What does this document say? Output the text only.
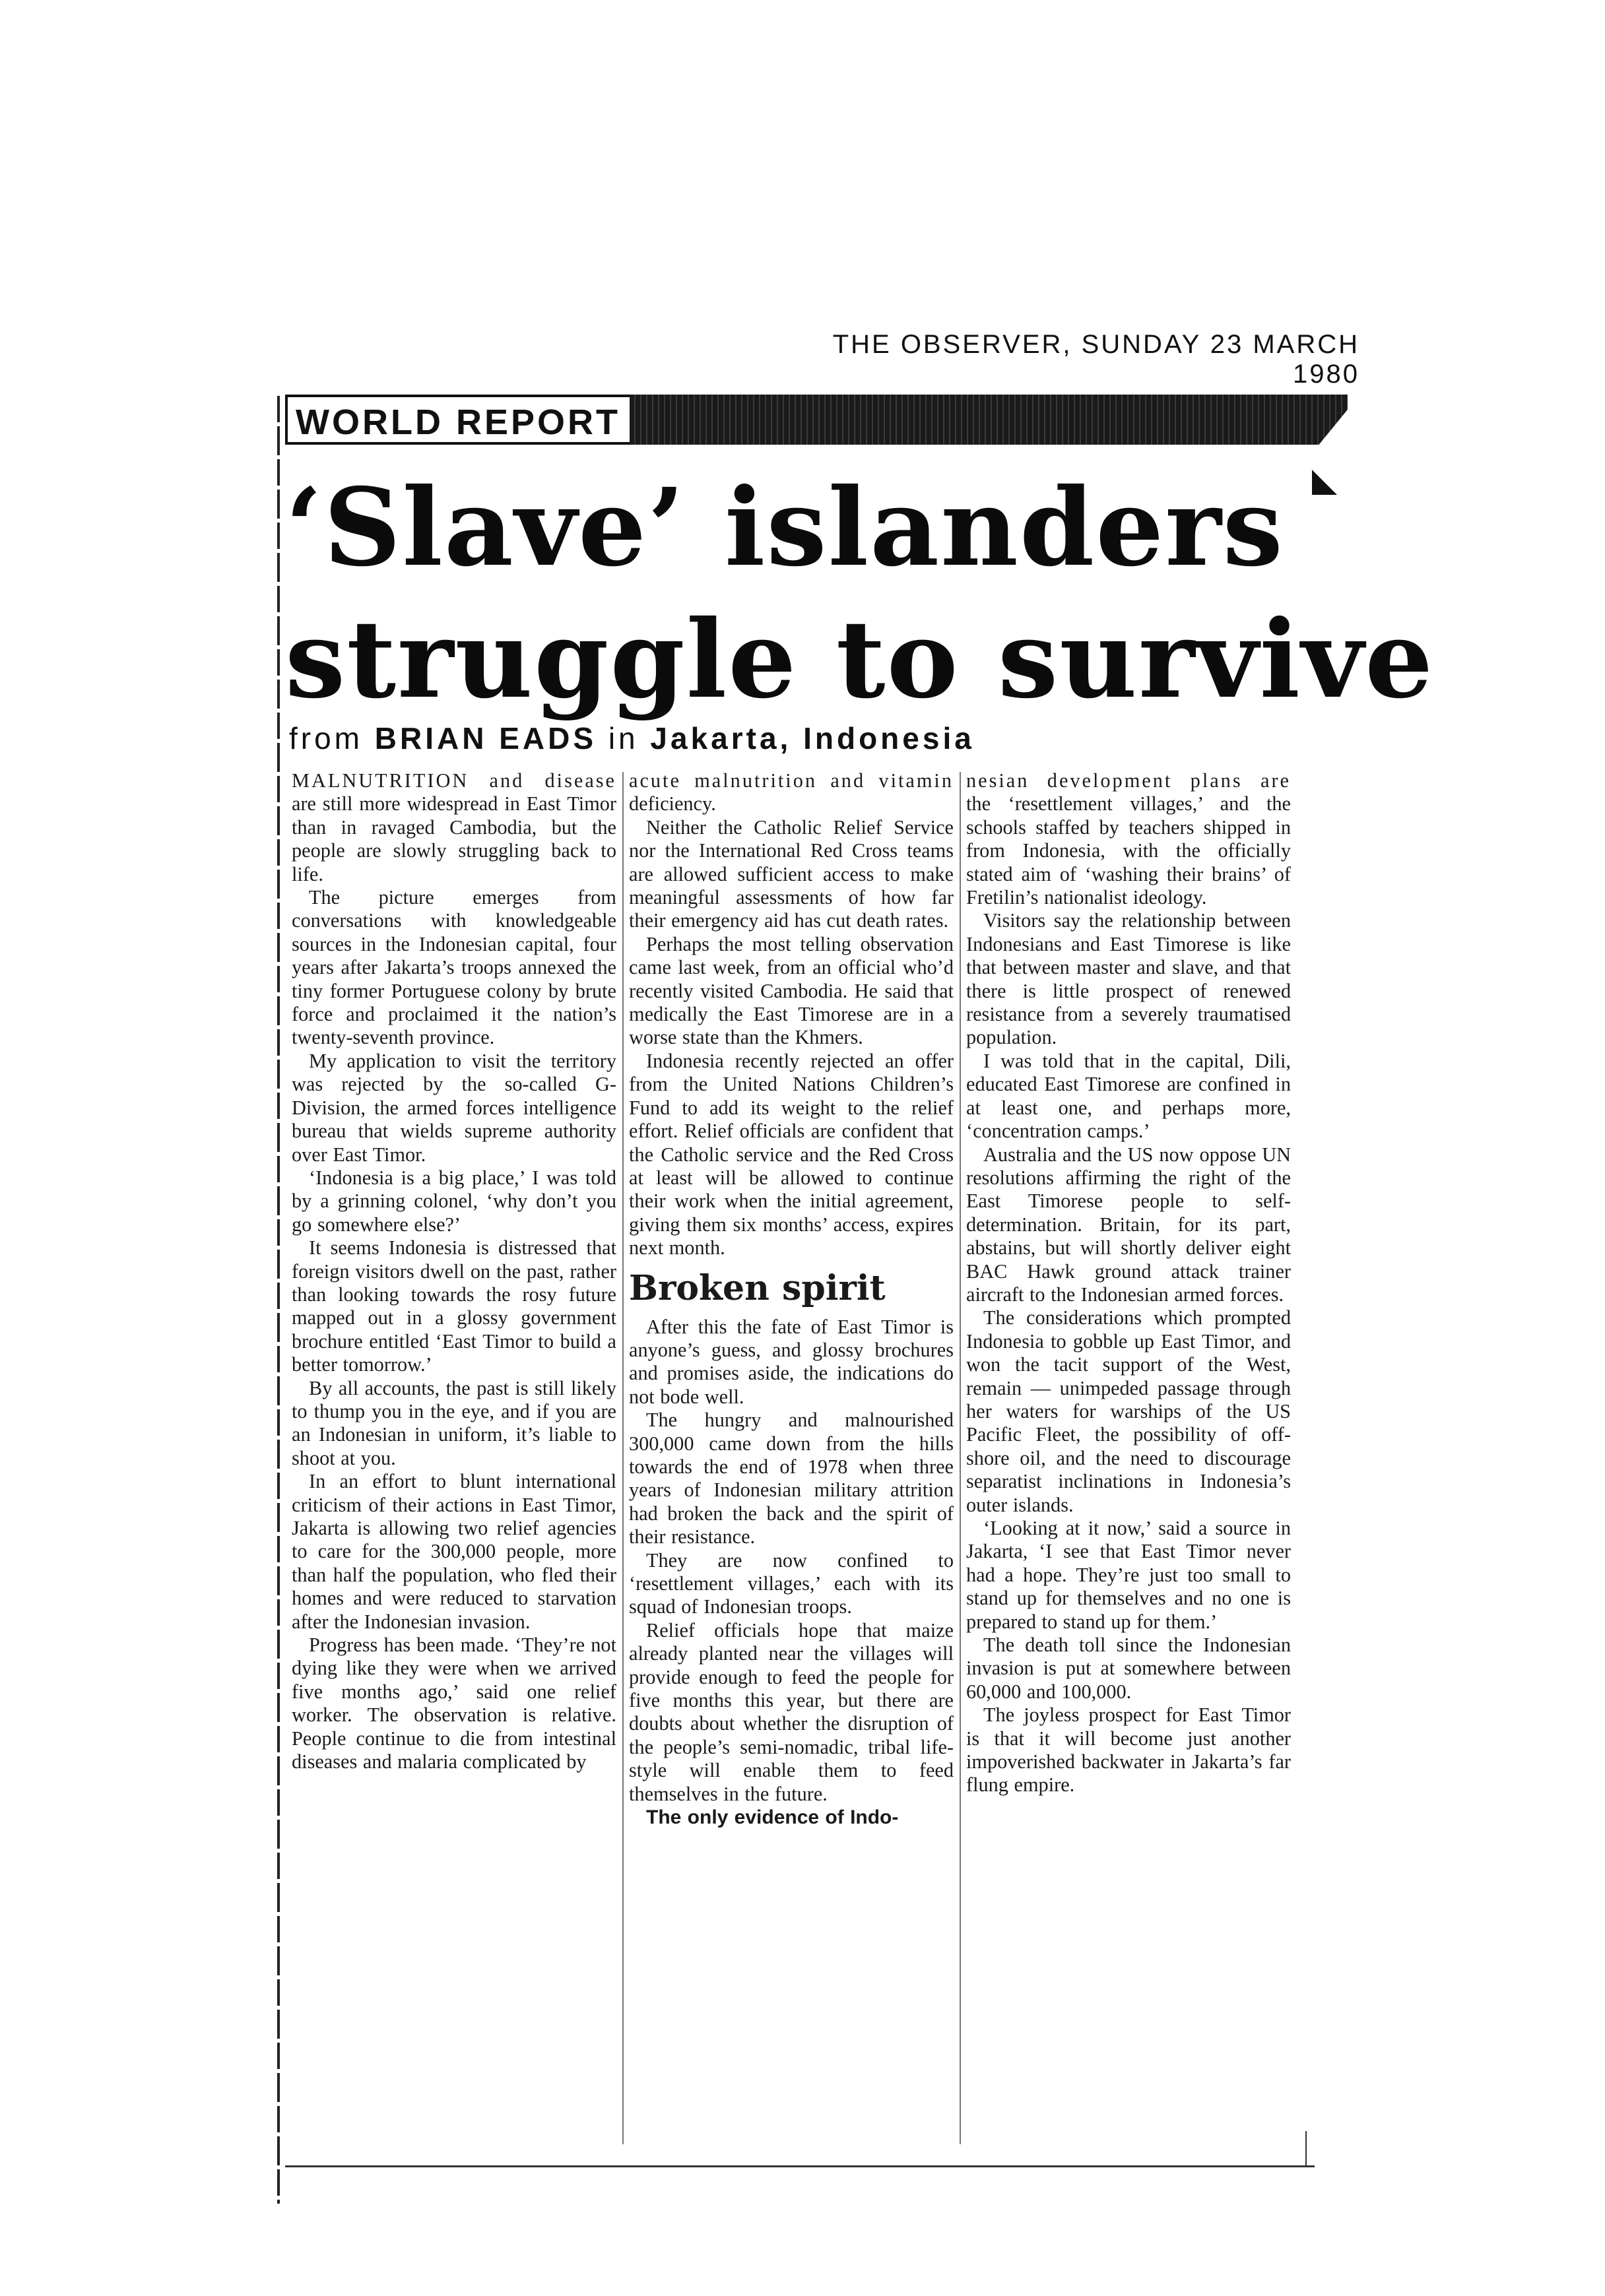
THE OBSERVER, SUNDAY 23 MARCH 1980
WORLD REPORT
‘Slave’ islanders
struggle to survive
from BRIAN EADS in Jakarta, Indonesia

MALNUTRITION and disease are still more widespread in East Timor than in ravaged Cambodia, but the people are slowly struggling back to life.

The picture emerges from conversations with knowledgeable sources in the Indonesian capital, four years after Jakarta’s troops annexed the tiny former Portuguese colony by brute force and proclaimed it the nation’s twenty-seventh province.

My application to visit the territory was rejected by the so-called G-Division, the armed forces intelligence bureau that wields supreme authority over East Timor.

‘Indonesia is a big place,’ I was told by a grinning colonel, ‘why don’t you go somewhere else?’

It seems Indonesia is distressed that foreign visitors dwell on the past, rather than looking towards the rosy future mapped out in a glossy government brochure entitled ‘East Timor to build a better tomorrow.’

By all accounts, the past is still likely to thump you in the eye, and if you are an Indonesian in uniform, it’s liable to shoot at you.

In an effort to blunt international criticism of their actions in East Timor, Jakarta is allowing two relief agencies to care for the 300,000 people, more than half the population, who fled their homes and were reduced to starvation after the Indonesian invasion.

Progress has been made. ‘They’re not dying like they were when we arrived five months ago,’ said one relief worker. The observation is relative. People continue to die from intestinal diseases and malaria complicated by

acute malnutrition and vitamin deficiency.

Neither the Catholic Relief Service nor the International Red Cross teams are allowed sufficient access to make meaningful assessments of how far their emergency aid has cut death rates.

Perhaps the most telling observation came last week, from an official who’d recently visited Cambodia. He said that medically the East Timorese are in a worse state than the Khmers.

Indonesia recently rejected an offer from the United Nations Children’s Fund to add its weight to the relief effort. Relief officials are confident that the Catholic service and the Red Cross at least will be allowed to continue their work when the initial agreement, giving them six months’ access, expires next month.

Broken spirit

After this the fate of East Timor is anyone’s guess, and glossy brochures and promises aside, the indications do not bode well.

The hungry and malnourished 300,000 came down from the hills towards the end of 1978 when three years of Indonesian military attrition had broken the back and the spirit of their resistance.

They are now confined to ‘resettlement villages,’ each with its squad of Indonesian troops.

Relief officials hope that maize already planted near the villages will provide enough to feed the people for five months this year, but there are doubts about whether the disruption of the people’s semi-nomadic, tribal life-style will enable them to feed themselves in the future.

The only evidence of Indo-

nesian development plans are the ‘resettlement villages,’ and the schools staffed by teachers shipped in from Indonesia, with the officially stated aim of ‘washing their brains’ of Fretilin’s nationalist ideology.

Visitors say the relationship between Indonesians and East Timorese is like that between master and slave, and that there is little prospect of renewed resistance from a severely traumatised population.

I was told that in the capital, Dili, educated East Timorese are confined in at least one, and perhaps more, ‘concentration camps.’

Australia and the US now oppose UN resolutions affirming the right of the East Timorese people to self-determination. Britain, for its part, abstains, but will shortly deliver eight BAC Hawk ground attack trainer aircraft to the Indonesian armed forces.

The considerations which prompted Indonesia to gobble up East Timor, and won the tacit support of the West, remain — unimpeded passage through her waters for warships of the US Pacific Fleet, the possibility of off-shore oil, and the need to discourage separatist inclinations in Indonesia’s outer islands.

‘Looking at it now,’ said a source in Jakarta, ‘I see that East Timor never had a hope. They’re just too small to stand up for themselves and no one is prepared to stand up for them.’

The death toll since the Indonesian invasion is put at somewhere between 60,000 and 100,000.

The joyless prospect for East Timor is that it will become just another impoverished backwater in Jakarta’s far flung empire.
